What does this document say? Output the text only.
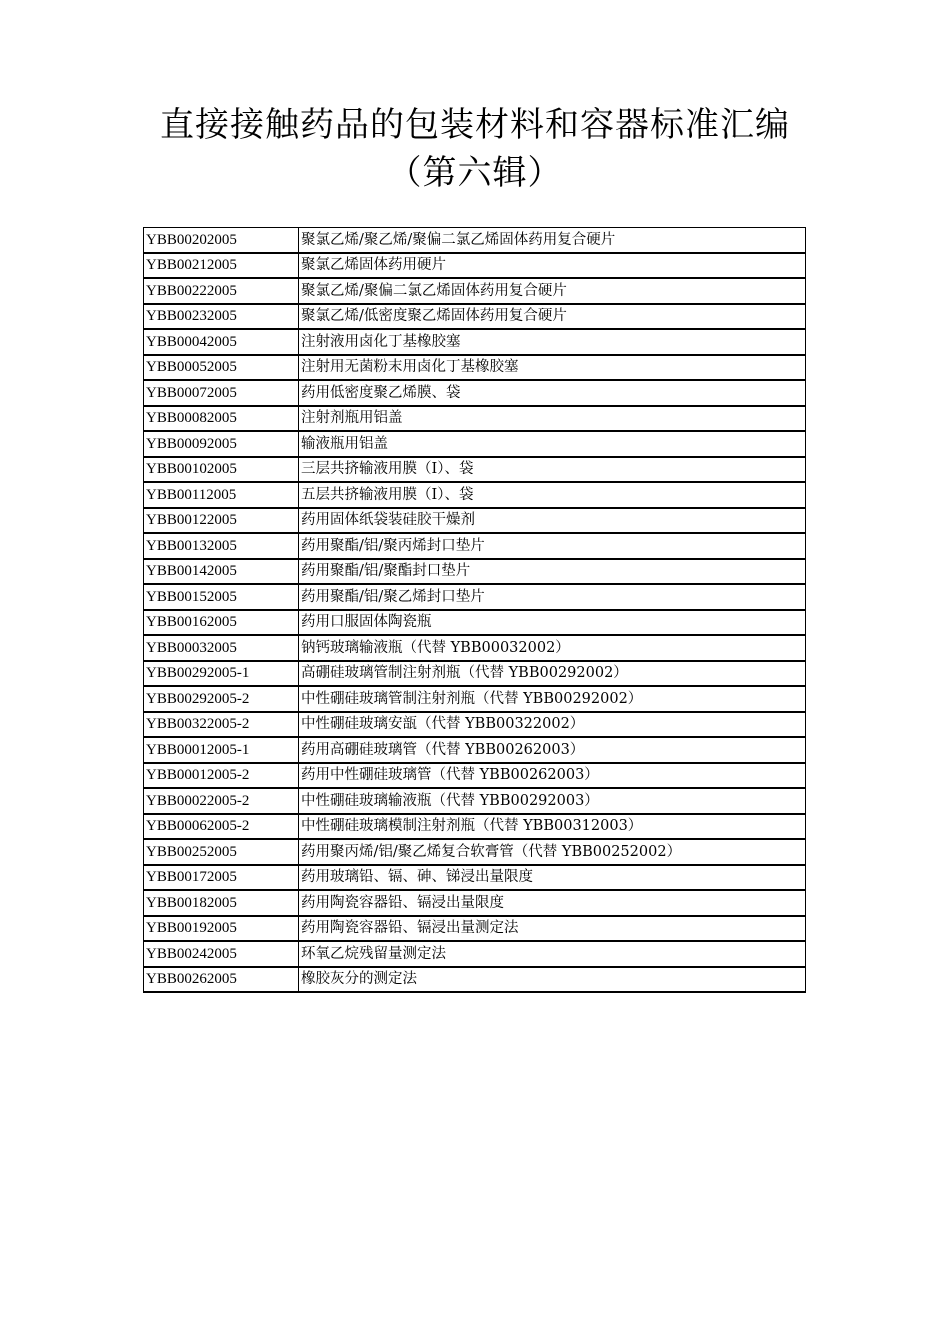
直接接触药品的包装材料和容器标准汇编
（第六辑）
YBB00202005	聚氯乙烯/聚乙烯/聚偏二氯乙烯固体药用复合硬片
YBB00212005	聚氯乙烯固体药用硬片
YBB00222005	聚氯乙烯/聚偏二氯乙烯固体药用复合硬片
YBB00232005	聚氯乙烯/低密度聚乙烯固体药用复合硬片
YBB00042005	注射液用卤化丁基橡胶塞
YBB00052005	注射用无菌粉末用卤化丁基橡胶塞
YBB00072005	药用低密度聚乙烯膜、袋
YBB00082005	注射剂瓶用铝盖
YBB00092005	输液瓶用铝盖
YBB00102005	三层共挤输液用膜（Ⅰ）、袋
YBB00112005	五层共挤输液用膜（Ⅰ）、袋
YBB00122005	药用固体纸袋装硅胶干燥剂
YBB00132005	药用聚酯/铝/聚丙烯封口垫片
YBB00142005	药用聚酯/铝/聚酯封口垫片
YBB00152005	药用聚酯/铝/聚乙烯封口垫片
YBB00162005	药用口服固体陶瓷瓶
YBB00032005	钠钙玻璃输液瓶（代替 YBB00032002）
YBB00292005-1	高硼硅玻璃管制注射剂瓶（代替 YBB00292002）
YBB00292005-2	中性硼硅玻璃管制注射剂瓶（代替 YBB00292002）
YBB00322005-2	中性硼硅玻璃安瓿（代替 YBB00322002）
YBB00012005-1	药用高硼硅玻璃管（代替 YBB00262003）
YBB00012005-2	药用中性硼硅玻璃管（代替 YBB00262003）
YBB00022005-2	中性硼硅玻璃输液瓶（代替 YBB00292003）
YBB00062005-2	中性硼硅玻璃模制注射剂瓶（代替 YBB00312003）
YBB00252005	药用聚丙烯/铝/聚乙烯复合软膏管（代替 YBB00252002）
YBB00172005	药用玻璃铅、镉、砷、锑浸出量限度
YBB00182005	药用陶瓷容器铅、镉浸出量限度
YBB00192005	药用陶瓷容器铅、镉浸出量测定法
YBB00242005	环氧乙烷残留量测定法
YBB00262005	橡胶灰分的测定法
